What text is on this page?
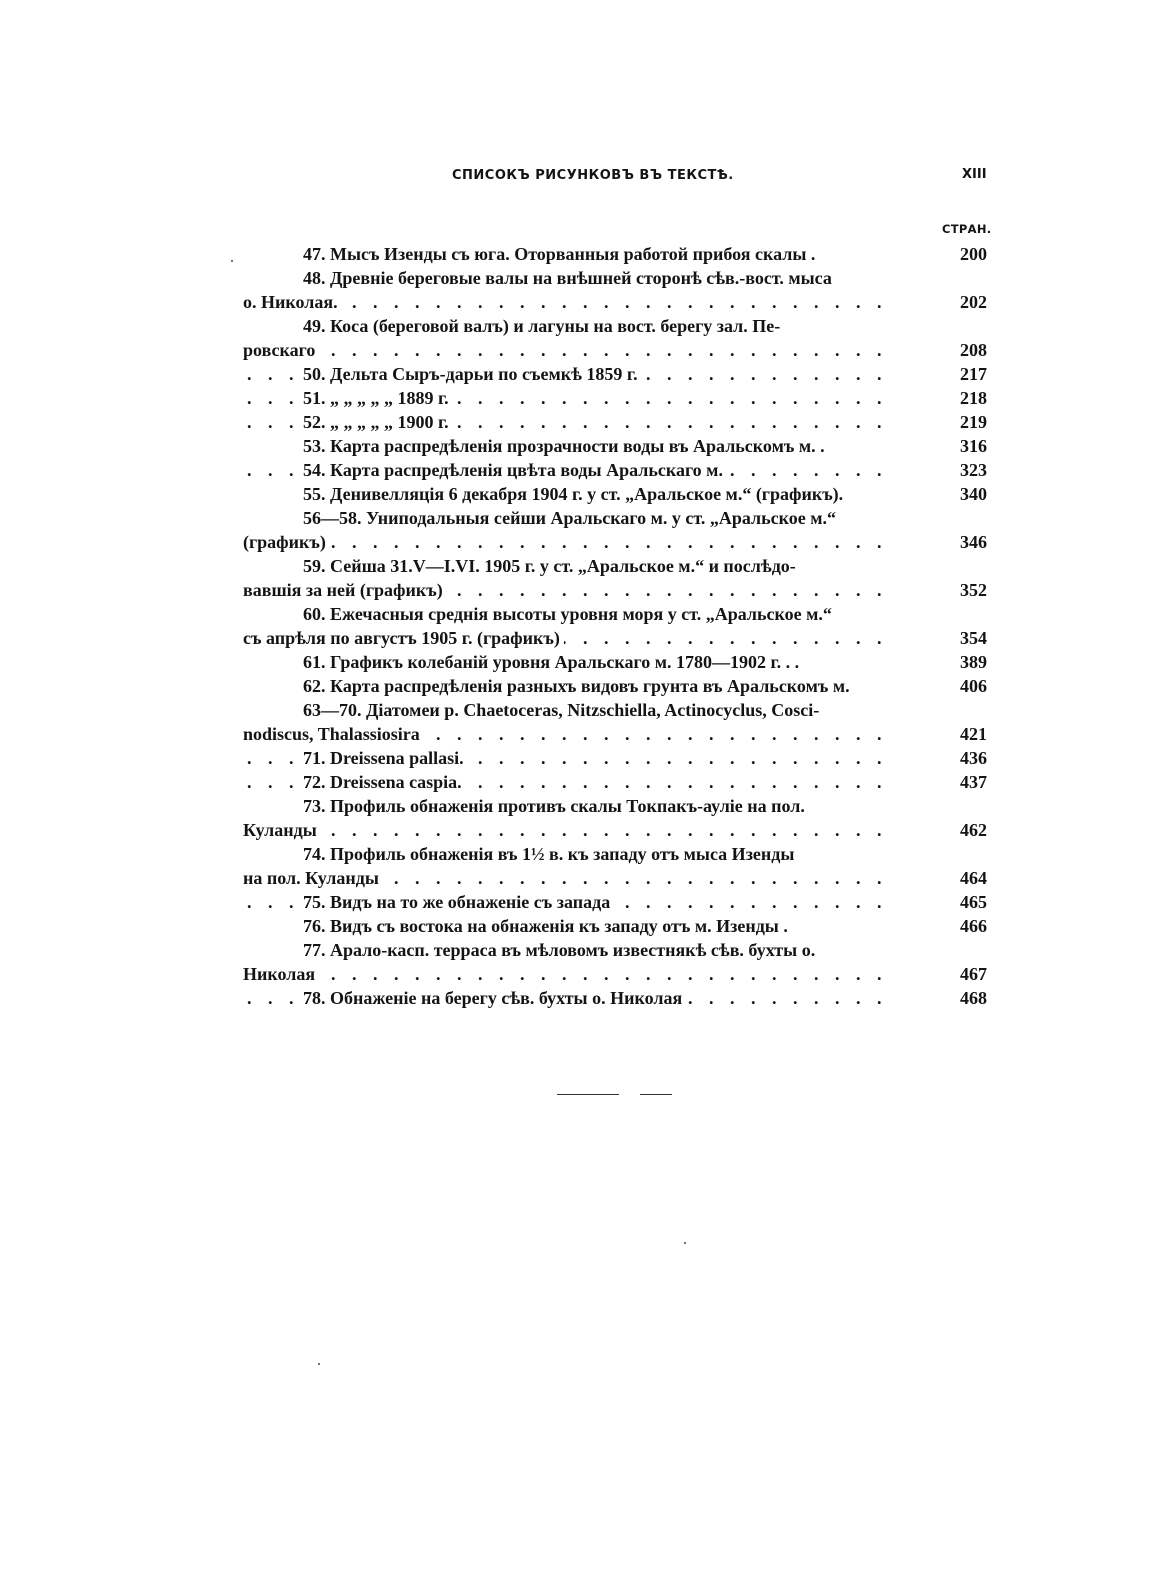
СПИСОКЪ РИСУНКОВЪ ВЪ ТЕКСТѢ.	XIII
СТРАН.
47. Мысъ Изенды съ юга. Оторванныя работой прибоя скалы .	200
48. Древніе береговые валы на внѣшней сторонѣ сѣв.-вост. мыса
о. Николая. . . .	202
49. Коса (береговой валъ) и лагуны на вост. берегу зал. Пе-
ровскаго . . .	208
50. Дельта Сыръ-дарьи по съемкѣ 1859 г. . . .	217
51. „ „ „ „ „ 1889 г. . . .	218
52. „ „ „ „ „ 1900 г. . . .	219
53. Карта распредѣленія прозрачности воды въ Аральскомъ м. .	316
54. Карта распредѣленія цвѣта воды Аральскаго м. . . .	323
55. Денивелляція 6 декабря 1904 г. у ст. „Аральское м.“ (графикъ).	340
56—58. Униподальныя сейши Аральскаго м. у ст. „Аральское м.“
(графикъ) . . .	346
59. Сейша 31.V—I.VI. 1905 г. у ст. „Аральское м.“ и послѣдо-
вавшія за ней (графикъ) . . .	352
60. Ежечасныя среднія высоты уровня моря у ст. „Аральское м.“
съ апрѣля по августъ 1905 г. (графикъ) . . .	354
61. Графикъ колебаній уровня Аральскаго м. 1780—1902 г. . .	389
62. Карта распредѣленія разныхъ видовъ грунта въ Аральскомъ м.	406
63—70. Діатомеи p. Chaetoceras, Nitzschiella, Actinocyclus, Cosci-
nodiscus, Thalassiosira . . .	421
71. Dreissena pallasi. . . .	436
72. Dreissena caspia. . . .	437
73. Профиль обнаженія противъ скалы Токпакъ-ауліе на пол.
Куланды . . .	462
74. Профиль обнаженія въ 1½ в. къ западу отъ мыса Изенды
на пол. Куланды . . .	464
75. Видъ на то же обнаженіе съ запада . . .	465
76. Видъ съ востока на обнаженія къ западу отъ м. Изенды .	466
77. Арало-касп. терраса въ мѣловомъ известнякѣ сѣв. бухты о.
Николая . . .	467
78. Обнаженіе на берегу сѣв. бухты о. Николая . . .	468
